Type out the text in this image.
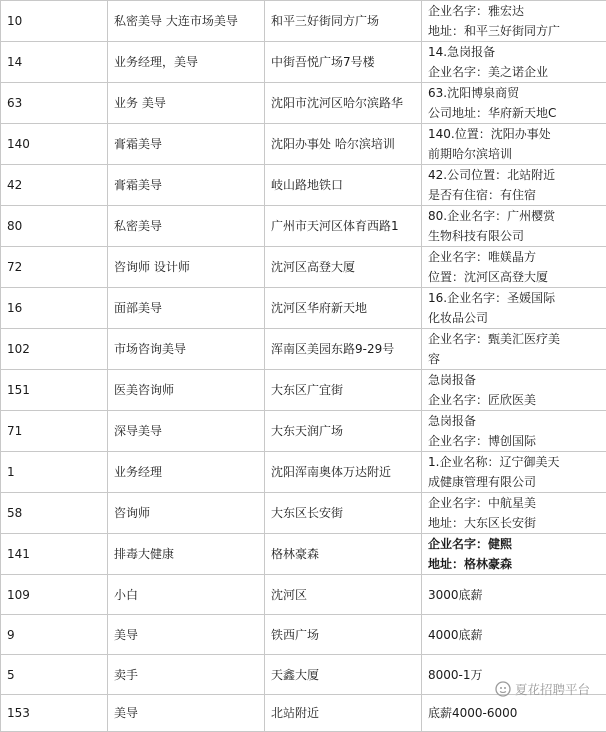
10	私密美导 大连市场美导	和平三好街同方广场	企业名字：雅宏达
地址：和平三好街同方广

14	业务经理，美导	中街吾悦广场7号楼	14.急岗报备
企业名字：美之诺企业

63	业务 美导	沈阳市沈河区哈尔滨路华	63.沈阳博泉商贸
公司地址：华府新天地C

140	膏霜美导	沈阳办事处 哈尔滨培训	140.位置：沈阳办事处
前期哈尔滨培训

42	膏霜美导	岐山路地铁口	42.公司位置：北站附近
是否有住宿：有住宿

80	私密美导	广州市天河区体育西路1	80.企业名字：广州樱赏
生物科技有限公司

72	咨询师 设计师	沈河区高登大厦	企业名字：唯媄晶方
位置：沈河区高登大厦

16	面部美导	沈河区华府新天地	16.企业名字：圣媛国际
化妆品公司

102	市场咨询美导	浑南区美园东路9-29号	企业名字：甄美汇医疗美
容

151	医美咨询师	大东区广宜街	急岗报备
企业名字：匠欣医美

71	深导美导	大东天润广场	急岗报备
企业名字：博创国际

1	业务经理	沈阳浑南奥体万达附近	1.企业名称：辽宁御美天
成健康管理有限公司

58	咨询师	大东区长安街	企业名字：中航星美
地址：大东区长安街

141	排毒大健康	格林豪森	企业名字：健熙
地址：格林豪森

109	小白	沈河区	3000底薪

9	美导	铁西广场	4000底薪

5	卖手	天鑫大厦	8000-1万

153	美导	北站附近	底薪4000-6000
夏花招聘平台
